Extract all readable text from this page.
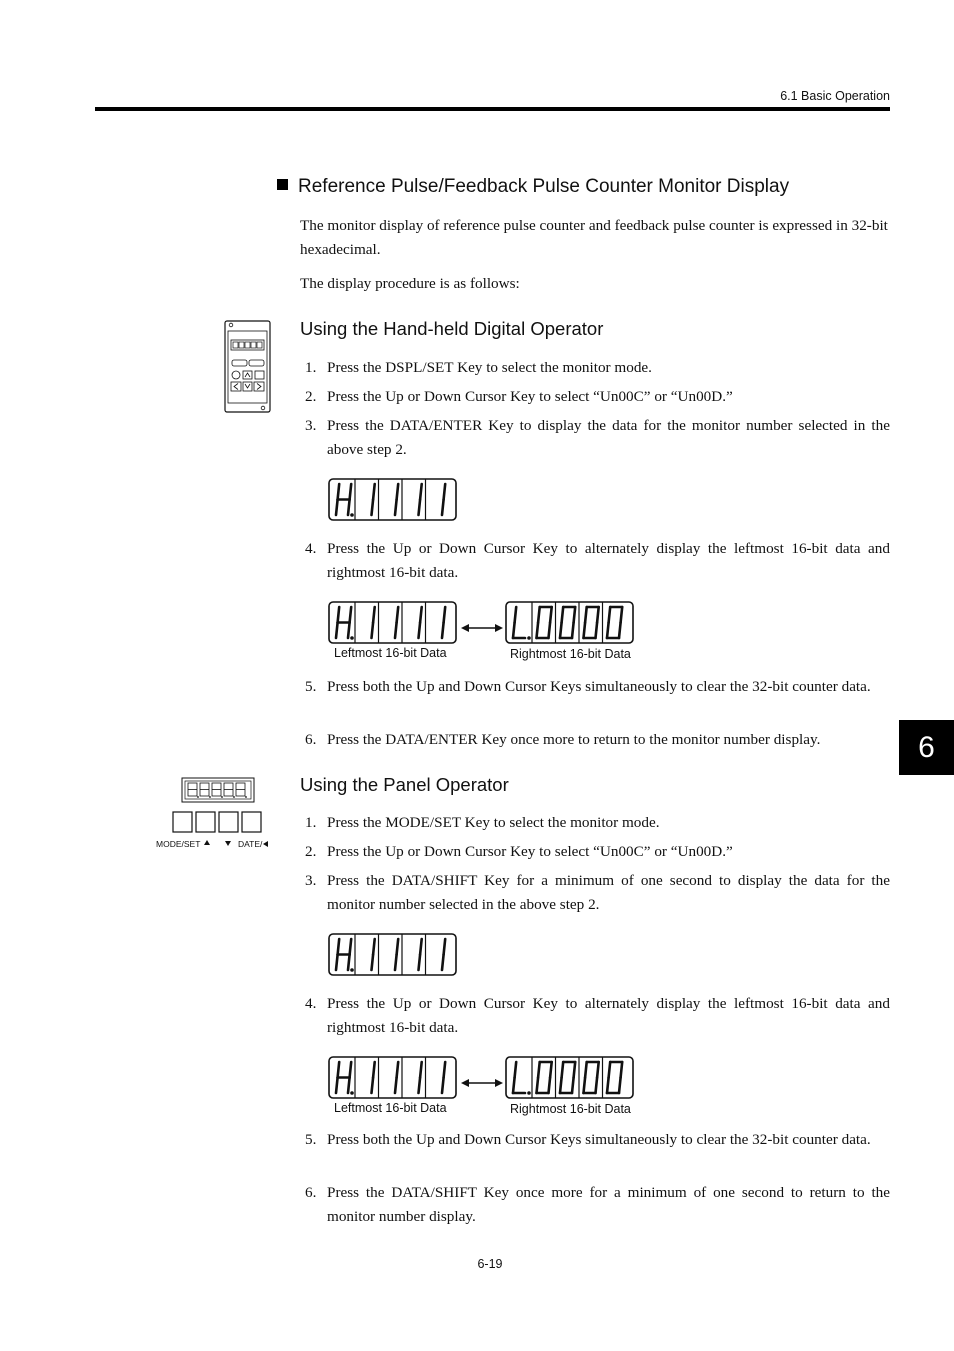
6.1 Basic Operation
6
Reference Pulse/Feedback Pulse Counter Monitor Display
The monitor display of reference pulse counter and feedback pulse counter is expressed in 32-bit hexadecimal.
The display procedure is as follows:
Using the Hand-held Digital Operator
1. Press the DSPL/SET Key to select the monitor mode.
2. Press the Up or Down Cursor Key to select “Un00C” or “Un00D.”
3. Press the DATA/ENTER Key to display the data for the monitor number selected in the above step 2.
4. Press the Up or Down Cursor Key to alternately display the leftmost 16-bit data and rightmost 16-bit data.
Leftmost 16-bit Data	Rightmost 16-bit Data
5. Press both the Up and Down Cursor Keys simultaneously to clear the 32-bit counter data.
6. Press the DATA/ENTER Key once more to return to the monitor number display.
MODE/SET	DATE/
Using the Panel Operator
1. Press the MODE/SET Key to select the monitor mode.
2. Press the Up or Down Cursor Key to select “Un00C” or “Un00D.”
3. Press the DATA/SHIFT Key for a minimum of one second to display the data for the monitor number selected in the above step 2.
4. Press the Up or Down Cursor Key to alternately display the leftmost 16-bit data and rightmost 16-bit data.
Leftmost 16-bit Data	Rightmost 16-bit Data
5. Press both the Up and Down Cursor Keys simultaneously to clear the 32-bit counter data.
6. Press the DATA/SHIFT Key once more for a minimum of one second to return to the monitor number display.
6-19
